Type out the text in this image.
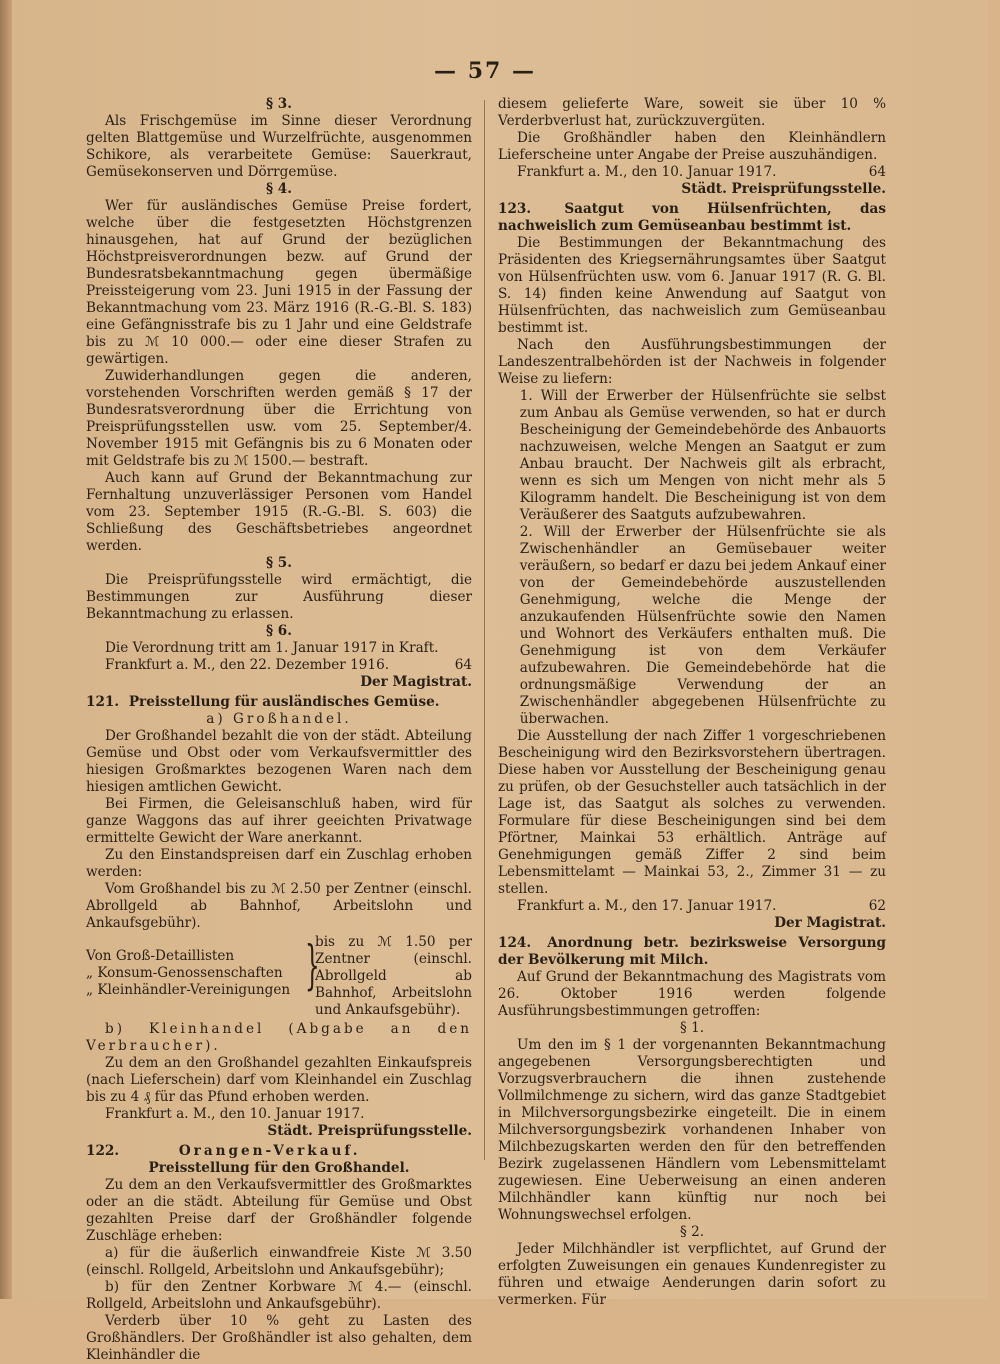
— 57 —

§ 3.

Als Frischgemüse im Sinne dieser Verordnung gelten Blattgemüse und Wurzelfrüchte, ausgenommen Schikore, als verarbeitete Gemüse: Sauerkraut, Gemüsekonserven und Dörrgemüse.

§ 4.

Wer für ausländisches Gemüse Preise fordert, welche über die festgesetzten Höchstgrenzen hinausgehen, hat auf Grund der bezüglichen Höchstpreisverordnungen bezw. auf Grund der Bundesratsbekanntmachung gegen übermäßige Preissteigerung vom 23. Juni 1915 in der Fassung der Bekanntmachung vom 23. März 1916 (R.-G.-Bl. S. 183) eine Gefängnisstrafe bis zu 1 Jahr und eine Geldstrafe bis zu ℳ 10 000.— oder eine dieser Strafen zu gewärtigen.

Zuwiderhandlungen gegen die anderen, vorstehenden Vorschriften werden gemäß § 17 der Bundesratsverordnung über die Errichtung von Preisprüfungsstellen usw. vom 25. September/4. November 1915 mit Gefängnis bis zu 6 Monaten oder mit Geldstrafe bis zu ℳ 1500.— bestraft.

Auch kann auf Grund der Bekanntmachung zur Fernhaltung unzuverlässiger Personen vom Handel vom 23. September 1915 (R.-G.-Bl. S. 603) die Schließung des Geschäftsbetriebes angeordnet werden.

§ 5.

Die Preisprüfungsstelle wird ermächtigt, die Bestimmungen zur Ausführung dieser Bekanntmachung zu erlassen.

§ 6.

Die Verordnung tritt am 1. Januar 1917 in Kraft.

Frankfurt a. M., den 22. Dezember 1916.	64

Der Magistrat.

121. Preisstellung für ausländisches Gemüse.

a) Großhandel.

Der Großhandel bezahlt die von der städt. Abteilung Gemüse und Obst oder vom Verkaufsvermittler des hiesigen Großmarktes bezogenen Waren nach dem hiesigen amtlichen Gewicht.

Bei Firmen, die Geleisanschluß haben, wird für ganze Waggons das auf ihrer geeichten Privatwage ermittelte Gewicht der Ware anerkannt.

Zu den Einstandspreisen darf ein Zuschlag erhoben werden:

Vom Großhandel bis zu ℳ 2.50 per Zentner (einschl. Abrollgeld ab Bahnhof, Arbeitslohn und Ankaufsgebühr).

Von Groß-Detaillisten
„ Konsum-Genossenschaften
„ Kleinhändler-Vereinigungen }

bis zu ℳ 1.50 per Zentner (einschl. Abrollgeld ab Bahnhof, Arbeitslohn und Ankaufsgebühr).

b) Kleinhandel (Abgabe an den Verbraucher).

Zu dem an den Großhandel gezahlten Einkaufspreis (nach Lieferschein) darf vom Kleinhandel ein Zuschlag bis zu 4 ₰ für das Pfund erhoben werden.

Frankfurt a. M., den 10. Januar 1917.

Städt. Preisprüfungsstelle.

122.	Orangen-Verkauf.

Preisstellung für den Großhandel.

Zu dem an den Verkaufsvermittler des Großmarktes oder an die städt. Abteilung für Gemüse und Obst gezahlten Preise darf der Großhändler folgende Zuschläge erheben:

a) für die äußerlich einwandfreie Kiste ℳ 3.50 (einschl. Rollgeld, Arbeitslohn und Ankaufsgebühr);

b) für den Zentner Korbware ℳ 4.— (einschl. Rollgeld, Arbeitslohn und Ankaufsgebühr).

Verderb über 10 % geht zu Lasten des Großhändlers. Der Großhändler ist also gehalten, dem Kleinhändler die

diesem gelieferte Ware, soweit sie über 10 % Verderbverlust hat, zurückzuvergüten.

Die Großhändler haben den Kleinhändlern Lieferscheine unter Angabe der Preise auszuhändigen.

Frankfurt a. M., den 10. Januar 1917.	64

Städt. Preisprüfungsstelle.

123. Saatgut von Hülsenfrüchten, das nachweislich zum Gemüseanbau bestimmt ist.

Die Bestimmungen der Bekanntmachung des Präsidenten des Kriegsernährungsamtes über Saatgut von Hülsenfrüchten usw. vom 6. Januar 1917 (R. G. Bl. S. 14) finden keine Anwendung auf Saatgut von Hülsenfrüchten, das nachweislich zum Gemüseanbau bestimmt ist.

Nach den Ausführungsbestimmungen der Landeszentralbehörden ist der Nachweis in folgender Weise zu liefern:

1. Will der Erwerber der Hülsenfrüchte sie selbst zum Anbau als Gemüse verwenden, so hat er durch Bescheinigung der Gemeindebehörde des Anbauorts nachzuweisen, welche Mengen an Saatgut er zum Anbau braucht. Der Nachweis gilt als erbracht, wenn es sich um Mengen von nicht mehr als 5 Kilogramm handelt. Die Bescheinigung ist von dem Veräußerer des Saatguts aufzubewahren.

2. Will der Erwerber der Hülsenfrüchte sie als Zwischenhändler an Gemüsebauer weiter veräußern, so bedarf er dazu bei jedem Ankauf einer von der Gemeindebehörde auszustellenden Genehmigung, welche die Menge der anzukaufenden Hülsenfrüchte sowie den Namen und Wohnort des Verkäufers enthalten muß. Die Genehmigung ist von dem Verkäufer aufzubewahren. Die Gemeindebehörde hat die ordnungsmäßige Verwendung der an Zwischenhändler abgegebenen Hülsenfrüchte zu überwachen.

Die Ausstellung der nach Ziffer 1 vorgeschriebenen Bescheinigung wird den Bezirksvorstehern übertragen. Diese haben vor Ausstellung der Bescheinigung genau zu prüfen, ob der Gesuchsteller auch tatsächlich in der Lage ist, das Saatgut als solches zu verwenden. Formulare für diese Bescheinigungen sind bei dem Pförtner, Mainkai 53 erhältlich. Anträge auf Genehmigungen gemäß Ziffer 2 sind beim Lebensmittelamt — Mainkai 53, 2., Zimmer 31 — zu stellen.

Frankfurt a. M., den 17. Januar 1917.	62

Der Magistrat.

124. Anordnung betr. bezirksweise Versorgung der Bevölkerung mit Milch.

Auf Grund der Bekanntmachung des Magistrats vom 26. Oktober 1916 werden folgende Ausführungsbestimmungen getroffen:

§ 1.

Um den im § 1 der vorgenannten Bekanntmachung angegebenen Versorgungsberechtigten und Vorzugsverbrauchern die ihnen zustehende Vollmilchmenge zu sichern, wird das ganze Stadtgebiet in Milchversorgungsbezirke eingeteilt. Die in einem Milchversorgungsbezirk vorhandenen Inhaber von Milchbezugskarten werden den für den betreffenden Bezirk zugelassenen Händlern vom Lebensmittelamt zugewiesen. Eine Ueberweisung an einen anderen Milchhändler kann künftig nur noch bei Wohnungswechsel erfolgen.

§ 2.

Jeder Milchhändler ist verpflichtet, auf Grund der erfolgten Zuweisungen ein genaues Kundenregister zu führen und etwaige Aenderungen darin sofort zu vermerken. Für
